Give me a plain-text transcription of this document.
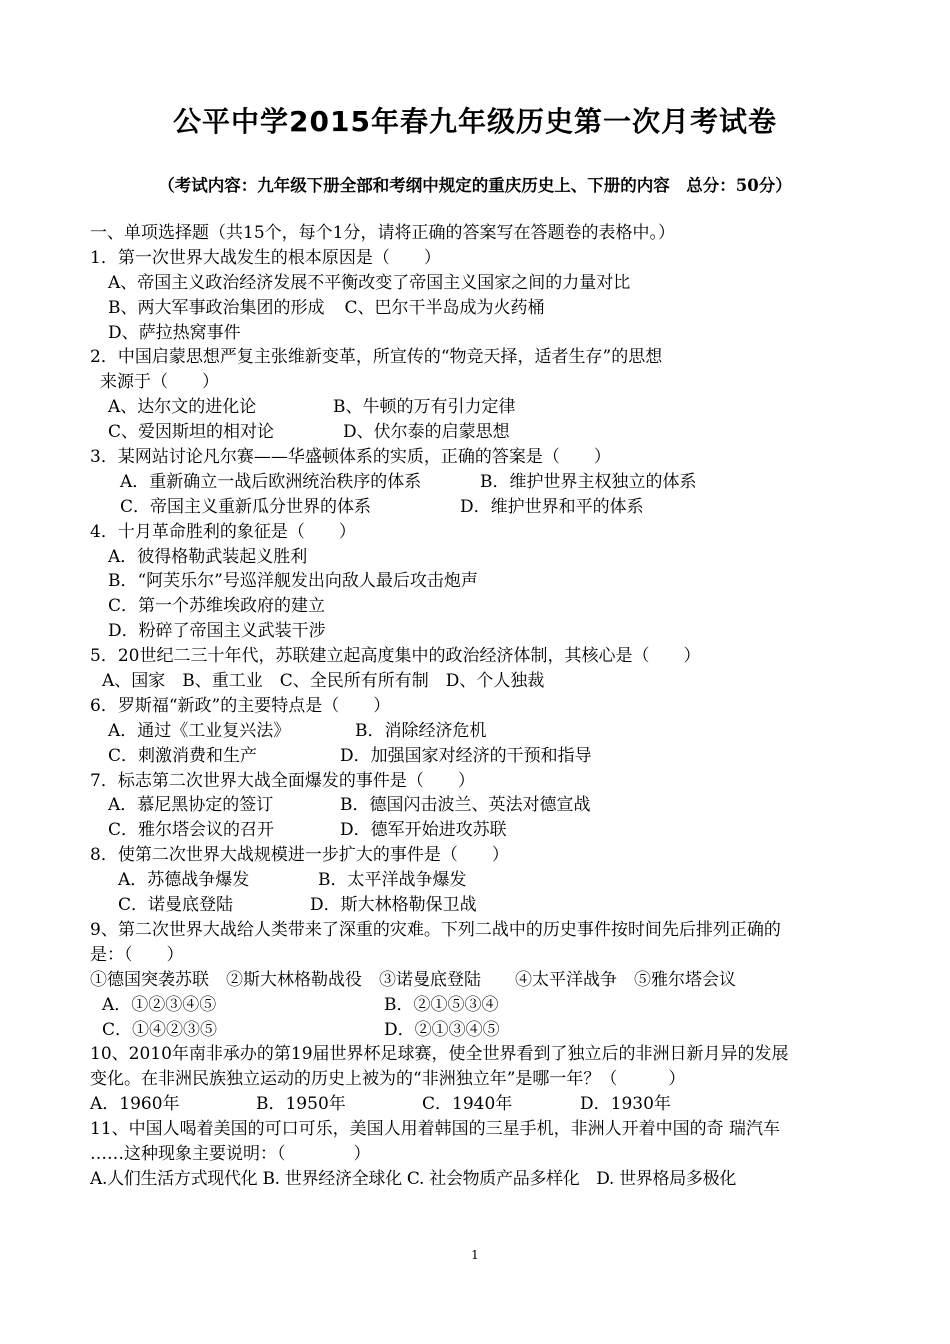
公平中学2015年春九年级历史第一次月考试卷
（考试内容：九年级下册全部和考纲中规定的重庆历史上、下册的内容　总分：50分）
一、单项选择题（共15个，每个1分，请将正确的答案写在答题卷的表格中。）
1．第一次世界大战发生的根本原因是（　　）
A、帝国主义政治经济发展不平衡改变了帝国主义国家之间的力量对比
B、两大军事政治集团的形成 C、巴尔干半岛成为火药桶
D、萨拉热窝事件
2．中国启蒙思想严复主张维新变革，所宣传的“物竞天择，适者生存”的思想
来源于（　　）
A、达尔文的进化论	B、牛顿的万有引力定律
C、爱因斯坦的相对论	D、伏尔泰的启蒙思想
3．某网站讨论凡尔赛——华盛顿体系的实质，正确的答案是（　　）
A．重新确立一战后欧洲统治秩序的体系	B．维护世界主权独立的体系
C．帝国主义重新瓜分世界的体系	D．维护世界和平的体系
4．十月革命胜利的象征是（　　）
A．彼得格勒武装起义胜利
B．“阿芙乐尔”号巡洋舰发出向敌人最后攻击炮声
C．第一个苏维埃政府的建立
D．粉碎了帝国主义武装干涉
5．20世纪二三十年代，苏联建立起高度集中的政治经济体制，其核心是（　　）
A、国家　B、重工业　C、全民所有所有制　D、个人独裁
6．罗斯福“新政”的主要特点是（　　）
A．通过《工业复兴法》	B．消除经济危机
C．刺激消费和生产	D．加强国家对经济的干预和指导
7．标志第二次世界大战全面爆发的事件是（　　）
A．慕尼黑协定的签订	B．德国闪击波兰、英法对德宣战
C．雅尔塔会议的召开	D．德军开始进攻苏联
8．使第二次世界大战规模进一步扩大的事件是（　　）
A．苏德战争爆发	B．太平洋战争爆发
C．诺曼底登陆	D．斯大林格勒保卫战
9、第二次世界大战给人类带来了深重的灾难。下列二战中的历史事件按时间先后排列正确的
是：（　　）
①德国突袭苏联　②斯大林格勒战役　③诺曼底登陆　　④太平洋战争　⑤雅尔塔会议
A．①②③④⑤	B．②①⑤③④
C．①④②③⑤	D．②①③④⑤
10、2010年南非承办的第19届世界杯足球赛，使全世界看到了独立后的非洲日新月异的发展
变化。在非洲民族独立运动的历史上被为的“非洲独立年”是哪一年？（　　　）
A．1960年	B．1950年	C．1940年	D．1930年
11、中国人喝着美国的可口可乐，美国人用着韩国的三星手机，非洲人开着中国的奇 瑞汽车
……这种现象主要说明：（　　　　）
A.人们生活方式现代化 B. 世界经济全球化 C. 社会物质产品多样化　D. 世界格局多极化
1
